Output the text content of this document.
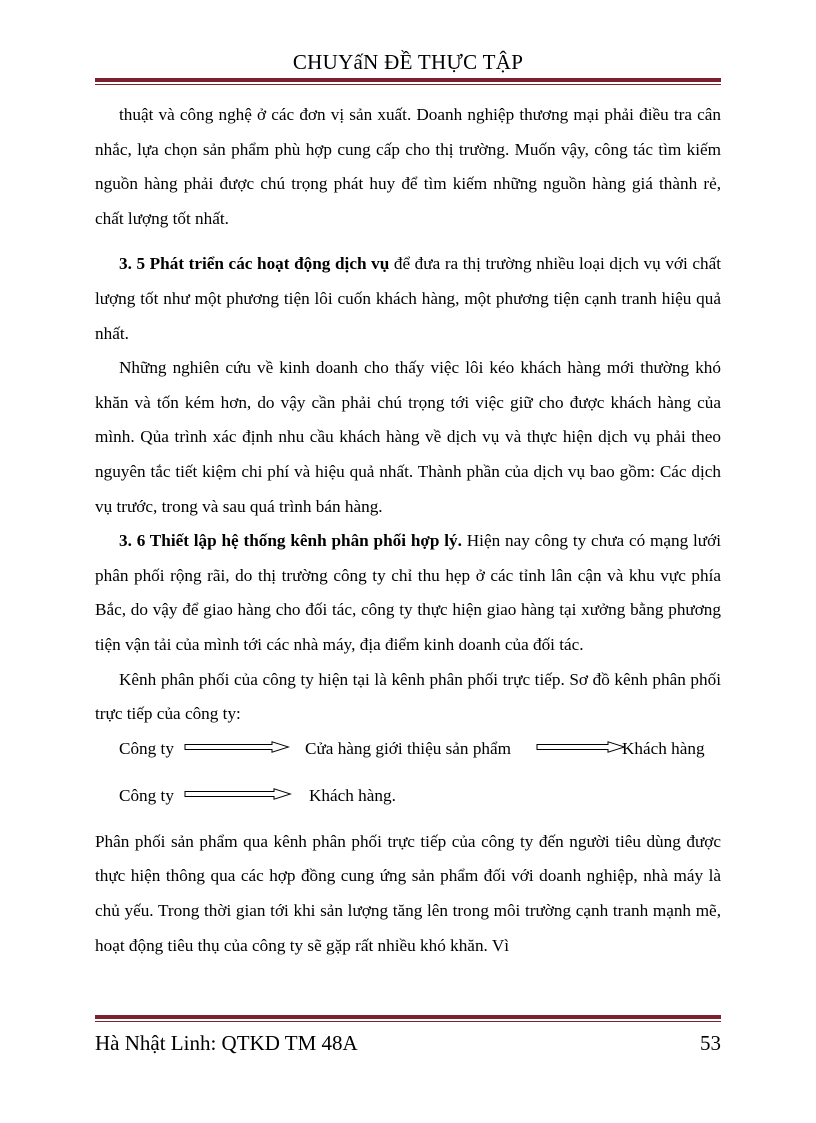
CHUYấN ĐỀ THỰC TẬP

thuật và công nghệ ở các đơn vị sản xuất. Doanh nghiệp thương mại phải điều tra cân nhắc, lựa chọn sản phẩm phù hợp cung cấp cho thị trường. Muốn vậy, công tác tìm kiếm nguồn hàng phải được chú trọng phát huy để tìm kiếm những nguồn hàng giá thành rẻ, chất lượng tốt nhất.

3. 5 Phát triển các hoạt động dịch vụ để đưa ra thị trường nhiều loại dịch vụ với chất lượng tốt như một phương tiện lôi cuốn khách hàng, một phương tiện cạnh tranh hiệu quả nhất.

Những nghiên cứu về kinh doanh cho thấy việc lôi kéo khách hàng mới thường khó khăn và tốn kém hơn, do vậy cần phải chú trọng tới việc giữ cho được khách hàng của mình. Qủa trình xác định nhu cầu khách hàng về dịch vụ và thực hiện dịch vụ phải theo nguyên tắc tiết kiệm chi phí và hiệu quả nhất. Thành phần của dịch vụ bao gồm: Các dịch vụ trước, trong và sau quá trình bán hàng.

3. 6 Thiết lập hệ thống kênh phân phối hợp lý. Hiện nay công ty chưa có mạng lưới phân phối rộng rãi, do thị trường công ty chỉ thu hẹp ở các tỉnh lân cận và khu vực phía Bắc, do vậy để giao hàng cho đối tác, công ty thực hiện giao hàng tại xưởng bằng phương tiện vận tải của mình tới các nhà máy, địa điểm kinh doanh của đối tác.

Kênh phân phối của công ty hiện tại là kênh phân phối trực tiếp. Sơ đồ kênh phân phối trực tiếp của công ty:

Công ty	Cửa hàng giới thiệu sản phẩm	Khách hàng
Công ty	Khách hàng.

Phân phối sản phẩm qua kênh phân phối trực tiếp của công ty đến người tiêu dùng được thực hiện thông qua các hợp đồng cung ứng sản phẩm đối với doanh nghiệp, nhà máy là chủ yếu. Trong thời gian tới khi sản lượng tăng lên trong môi trường cạnh tranh mạnh mẽ, hoạt động tiêu thụ của công ty sẽ gặp rất nhiều khó khăn. Vì

Hà Nhật Linh: QTKD TM 48A	53
